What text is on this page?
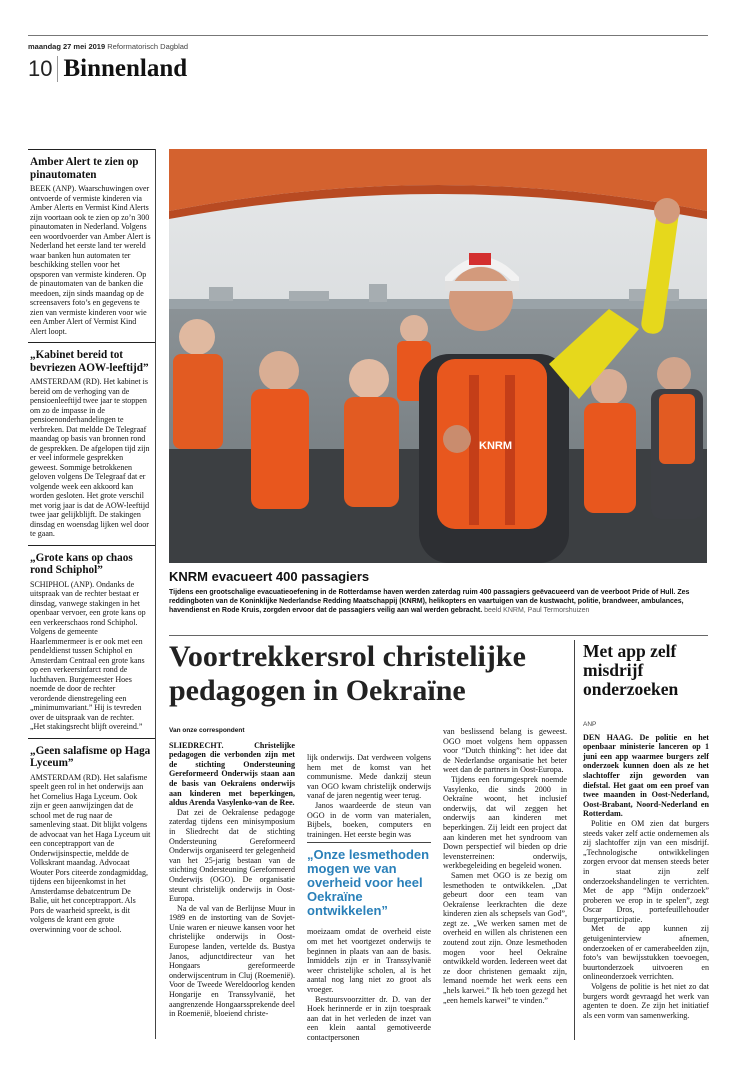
maandag 27 mei 2019 Reformatorisch Dagblad
10 Binnenland
Amber Alert te zien op pinautomaten

BEEK (ANP). Waarschuwingen over ontvoerde of vermiste kinderen via Amber Alerts en Vermist Kind Alerts zijn voortaan ook te zien op zo’n 300 pinautomaten in Nederland. Volgens een woordvoerder van Amber Alert is Nederland het eerste land ter wereld waar banken hun automaten ter beschikking stellen voor het opsporen van vermiste kinderen. Op de pinautomaten van de banken die meedoen, zijn sinds maandag op de screensavers foto’s en gegevens te zien van vermiste kinderen voor wie een Amber Alert of Vermist Kind Alert loopt.

„Kabinet bereid tot bevriezen AOW-leeftijd”

AMSTERDAM (RD). Het kabinet is bereid om de verhoging van de pensioenleeftijd twee jaar te stoppen om zo de impasse in de pensioenonderhandelingen te verbreken. Dat meldde De Telegraaf maandag op basis van bronnen rond de gesprekken. De afgelopen tijd zijn er veel informele gesprekken geweest. Sommige betrokkenen geloven volgens De Telegraaf dat er volgende week een akkoord kan worden gesloten. Het grote verschil met vorig jaar is dat de AOW-leeftijd twee jaar gelijkblijft. De stakingen dinsdag en woensdag lijken wel door te gaan.

„Grote kans op chaos rond Schiphol”

SCHIPHOL (ANP). Ondanks de uitspraak van de rechter bestaat er dinsdag, vanwege stakingen in het openbaar vervoer, een grote kans op een verkeerschaos rond Schiphol. Volgens de gemeente Haarlemmermeer is er ook met een pendeldienst tussen Schiphol en Amsterdam Centraal een grote kans op een verkeersinfarct rond de luchthaven. Burgemeester Hoes noemde de door de rechter verordende dienstregeling een „minimumvariant.” Hij is tevreden over de uitspraak van de rechter. „Het stakingsrecht blijft overeind.”

„Geen salafisme op Haga Lyceum”

AMSTERDAM (RD). Het salafisme speelt geen rol in het onderwijs aan het Cornelius Haga Lyceum. Ook zijn er geen aanwijzingen dat de school met de rug naar de samenleving staat. Dit blijkt volgens de advocaat van het Haga Lyceum uit een conceptrapport van de Onderwijsinspectie, meldde de Volkskrant maandag. Advocaat Wouter Pors citeerde zondagmiddag, tijdens een bijeenkomst in het Amsterdamse debatcentrum De Balie, uit het conceptrapport. Als Pors de waarheid spreekt, is dit volgens de krant een grote overwinning voor de school.

KNRM
KNRM evacueert 400 passagiers
Tijdens een grootschalige evacuatieoefening in de Rotterdamse haven werden zaterdag ruim 400 passagiers geëvacueerd van de veerboot Pride of Hull. Zes reddingboten van de Koninklijke Nederlandse Redding Maatschappij (KNRM), helikopters en vaartuigen van de kustwacht, politie, brandweer, ambulances, havendienst en Rode Kruis, zorgden ervoor dat de passagiers veilig aan wal werden gebracht. beeld KNRM, Paul Termorshuizen
Voortrekkersrol christelijke pedagogen in Oekraïne
Van onze correspondent

SLIEDRECHT. Christelijke pedagogen die verbonden zijn met de stichting Ondersteuning Gereformeerd Onderwijs staan aan de basis van Oekraïens onderwijs aan kinderen met beperkingen, aldus Arenda Vasylenko-van de Ree.

Dat zei de Oekraïense pedagoge zaterdag tijdens een minisymposium in Sliedrecht dat de stichting Ondersteuning Gereformeerd Onderwijs organiseerd ter gelegenheid van het 25-jarig bestaan van de stichting Ondersteuning Gereformeerd Onderwijs (OGO). De organisatie steunt christelijk onderwijs in Oost-Europa.

Na de val van de Berlijnse Muur in 1989 en de instorting van de Sovjet-Unie waren er nieuwe kansen voor het christelijke onderwijs in Oost-Europese landen, vertelde ds. Bustya Janos, adjunctdirecteur van het Hongaars gereformeerde onderwijscentrum in Cluj (Roemenië). Voor de Tweede Wereldoorlog kenden Hongarije en Transsylvanië, het aangrenzende Hongaarssprekende deel in Roemenië, bloeiend christe-

lijk onderwijs. Dat verdween volgens hem met de komst van het communisme. Mede dankzij steun van OGO kwam christelijk onderwijs vanaf de jaren negentig weer terug.

Janos waardeerde de steun van OGO in de vorm van materialen, Bijbels, boeken, computers en trainingen. Het eerste begin was

„Onze lesmethoden mogen we van overheid voor heel Oekraïne ontwikkelen”

moeizaam omdat de overheid eiste om met het voortgezet onderwijs te beginnen in plaats van aan de basis. Inmiddels zijn er in Transsylvanië weer christelijke scholen, al is het aantal nog lang niet zo groot als vroeger.

Bestuursvoorzitter dr. D. van der Hoek herinnerde er in zijn toespraak aan dat in het verleden de inzet van een klein aantal gemotiveerde contactpersonen

van beslissend belang is geweest. OGO moet volgens hem oppassen voor “Dutch thinking”: het idee dat de Nederlandse organisatie het beter weet dan de partners in Oost-Europa.

Tijdens een forumgesprek noemde Vasylenko, die sinds 2000 in Oekraïne woont, het inclusief onderwijs, dat wil zeggen het onderwijs aan kinderen met beperkingen. Zij leidt een project dat aan kinderen met het syndroom van Down perspectief wil bieden op drie levensterreinen: onderwijs, werkbegeleiding en begeleid wonen.

Samen met OGO is ze bezig om lesmethoden te ontwikkelen. „Dat gebeurt door een team van Oekraïense leerkrachten die deze kinderen zien als schepsels van God”, zegt ze. „We werken samen met de overheid en willen als christenen een zoutend zout zijn. Onze lesmethoden mogen voor heel Oekraïne ontwikkeld worden. Iedereen weet dat ze door christenen gemaakt zijn, lemand noemde het werk eens een „hels karwei.” Ik heb toen gezegd het „een hemels karwei” te vinden.”

Met app zelf misdrijf onderzoeken
ANP

DEN HAAG. De politie en het openbaar ministerie lanceren op 1 juni een app waarmee burgers zelf onderzoek kunnen doen als ze het slachtoffer zijn geworden van diefstal. Het gaat om een proef van twee maanden in Oost-Nederland, Oost-Brabant, Noord-Nederland en Rotterdam.

Politie en OM zien dat burgers steeds vaker zelf actie ondernemen als zij slachtoffer zijn van een misdrijf. „Technologische ontwikkelingen zorgen ervoor dat mensen steeds beter in staat zijn zelf onderzoekshandelingen te verrichten. Met de app “Mijn onderzoek” proberen we erop in te spelen”, zegt Oscar Dros, portefeuillehouder burgerparticipatie.

Met de app kunnen zij getuigeninterview afnemen, onderzoeken of er camerabeelden zijn, foto’s van bewijsstukken toevoegen, buurtonderzoek uitvoeren en onlineonderzoek verrichten.

Volgens de politie is het niet zo dat burgers wordt gevraagd het werk van agenten te doen. Ze zijn het initiatief als een vorm van samenwerking.
